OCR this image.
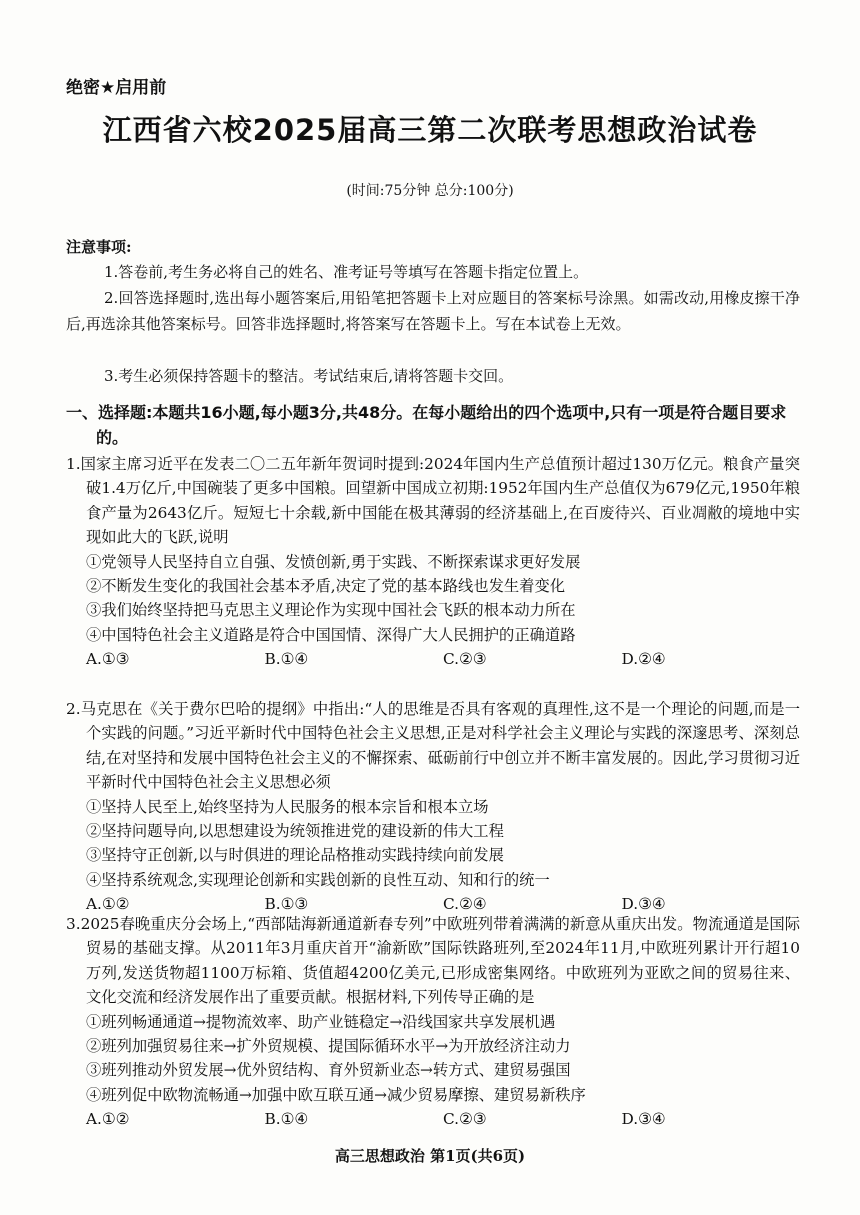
绝密★启用前
江西省六校2025届高三第二次联考思想政治试卷
(时间:75分钟 总分:100分)
注意事项:
1.答卷前,考生务必将自己的姓名、准考证号等填写在答题卡指定位置上。
2.回答选择题时,选出每小题答案后,用铅笔把答题卡上对应题目的答案标号涂黑。如需改动,用橡皮擦干净后,再选涂其他答案标号。回答非选择题时,将答案写在答题卡上。写在本试卷上无效。
3.考生必须保持答题卡的整洁。考试结束后,请将答题卡交回。
一、选择题:本题共16小题,每小题3分,共48分。在每小题给出的四个选项中,只有一项是符合题目要求的。
1.国家主席习近平在发表二〇二五年新年贺词时提到:2024年国内生产总值预计超过130万亿元。粮食产量突破1.4万亿斤,中国碗装了更多中国粮。回望新中国成立初期:1952年国内生产总值仅为679亿元,1950年粮食产量为2643亿斤。短短七十余载,新中国能在极其薄弱的经济基础上,在百废待兴、百业凋敝的境地中实现如此大的飞跃,说明
①党领导人民坚持自立自强、发愤创新,勇于实践、不断探索谋求更好发展
②不断发生变化的我国社会基本矛盾,决定了党的基本路线也发生着变化
③我们始终坚持把马克思主义理论作为实现中国社会飞跃的根本动力所在
④中国特色社会主义道路是符合中国国情、深得广大人民拥护的正确道路
A.①③	B.①④	C.②③	D.②④
2.马克思在《关于费尔巴哈的提纲》中指出:“人的思维是否具有客观的真理性,这不是一个理论的问题,而是一个实践的问题。”习近平新时代中国特色社会主义思想,正是对科学社会主义理论与实践的深邃思考、深刻总结,在对坚持和发展中国特色社会主义的不懈探索、砥砺前行中创立并不断丰富发展的。因此,学习贯彻习近平新时代中国特色社会主义思想必须
①坚持人民至上,始终坚持为人民服务的根本宗旨和根本立场
②坚持问题导向,以思想建设为统领推进党的建设新的伟大工程
③坚持守正创新,以与时俱进的理论品格推动实践持续向前发展
④坚持系统观念,实现理论创新和实践创新的良性互动、知和行的统一
A.①②	B.①③	C.②④	D.③④
3.2025春晚重庆分会场上,“西部陆海新通道新春专列”中欧班列带着满满的新意从重庆出发。物流通道是国际贸易的基础支撑。从2011年3月重庆首开“渝新欧”国际铁路班列,至2024年11月,中欧班列累计开行超10万列,发送货物超1100万标箱、货值超4200亿美元,已形成密集网络。中欧班列为亚欧之间的贸易往来、文化交流和经济发展作出了重要贡献。根据材料,下列传导正确的是
①班列畅通通道→提物流效率、助产业链稳定→沿线国家共享发展机遇
②班列加强贸易往来→扩外贸规模、提国际循环水平→为开放经济注动力
③班列推动外贸发展→优外贸结构、育外贸新业态→转方式、建贸易强国
④班列促中欧物流畅通→加强中欧互联互通→减少贸易摩擦、建贸易新秩序
A.①②	B.①④	C.②③	D.③④
高三思想政治 第1页(共6页)
